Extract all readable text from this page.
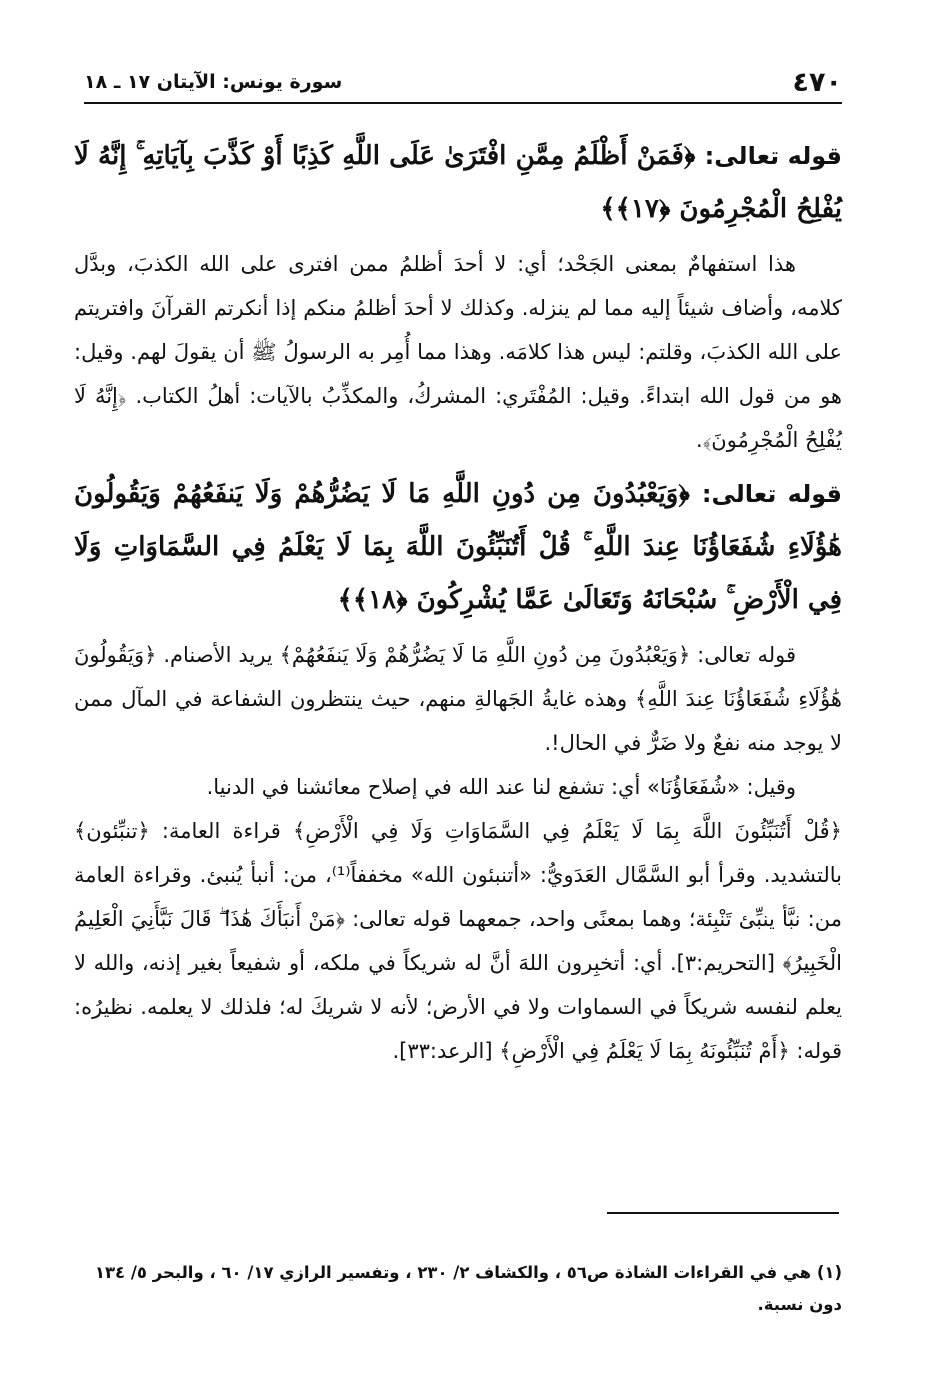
٤٧٠
سورة يونس: الآيتان ١٧ ـ ١٨

قوله تعالى: ﴿فَمَنْ أَظْلَمُ مِمَّنِ افْتَرَىٰ عَلَى اللَّهِ كَذِبًا أَوْ كَذَّبَ بِآيَاتِهِ ۚ إِنَّهُ لَا يُفْلِحُ الْمُجْرِمُونَ ﴿١٧﴾﴾

هذا استفهامٌ بمعنى الجَحْد؛ أي: لا أحدَ أظلمُ ممن افترى على الله الكذبَ، وبدَّل كلامه، وأضاف شيئاً إليه مما لم ينزله. وكذلك لا أحدَ أظلمُ منكم إذا أنكرتم القرآنَ وافتريتم على الله الكذبَ، وقلتم: ليس هذا كلامَه. وهذا مما أُمِر به الرسولُ ﷺ أن يقولَ لهم. وقيل: هو من قول الله ابتداءً. وقيل: المُفْتَري: المشركُ، والمكذِّبُ بالآيات: أهلُ الكتاب. ﴿إِنَّهُ لَا يُفْلِحُ الْمُجْرِمُونَ﴾.

قوله تعالى: ﴿وَيَعْبُدُونَ مِن دُونِ اللَّهِ مَا لَا يَضُرُّهُمْ وَلَا يَنفَعُهُمْ وَيَقُولُونَ هَٰؤُلَاءِ شُفَعَاؤُنَا عِندَ اللَّهِ ۚ قُلْ أَتُنَبِّئُونَ اللَّهَ بِمَا لَا يَعْلَمُ فِي السَّمَاوَاتِ وَلَا فِي الْأَرْضِ ۚ سُبْحَانَهُ وَتَعَالَىٰ عَمَّا يُشْرِكُونَ ﴿١٨﴾﴾

قوله تعالى: ﴿وَيَعْبُدُونَ مِن دُونِ اللَّهِ مَا لَا يَضُرُّهُمْ وَلَا يَنفَعُهُمْ﴾ يريد الأصنام. ﴿وَيَقُولُونَ هَٰؤُلَاءِ شُفَعَاؤُنَا عِندَ اللَّهِ﴾ وهذه غايةُ الجَهالةِ منهم، حيث ينتظرون الشفاعة في المآل ممن لا يوجد منه نفعٌ ولا ضَرٌّ في الحال!.

وقيل: «شُفَعَاؤُنَا» أي: تشفع لنا عند الله في إصلاح معائشنا في الدنيا.

﴿قُلْ أَتُنَبِّئُونَ اللَّهَ بِمَا لَا يَعْلَمُ فِي السَّمَاوَاتِ وَلَا فِي الْأَرْضِ﴾ قراءة العامة: ﴿تنبِّئون﴾ بالتشديد. وقرأ أبو السَّمَّال العَدَويُّ: «أتنبئون الله» مخففاً⁽¹⁾، من: أنبأ يُنبئ. وقراءة العامة من: نبَّأ ينبِّئ تَنْبِئة؛ وهما بمعنًى واحد، جمعهما قوله تعالى: ﴿مَنْ أَنبَأَكَ هَٰذَا ۖ قَالَ نَبَّأَنِيَ الْعَلِيمُ الْخَبِيرُ﴾ [التحريم:٣]. أي: أتخبِرون اللهَ أنَّ له شريكاً في ملكه، أو شفيعاً بغير إذنه، والله لا يعلم لنفسه شريكاً في السماوات ولا في الأرض؛ لأنه لا شريكَ له؛ فلذلك لا يعلمه. نظيرُه: قوله: ﴿أَمْ تُنَبِّئُونَهُ بِمَا لَا يَعْلَمُ فِي الْأَرْضِ﴾ [الرعد:٣٣].

(١) هي في القراءات الشاذة ص٥٦ ، والكشاف ٢/ ٢٣٠ ، وتفسير الرازي ١٧/ ٦٠ ، والبحر ٥/ ١٣٤ دون نسبة.
